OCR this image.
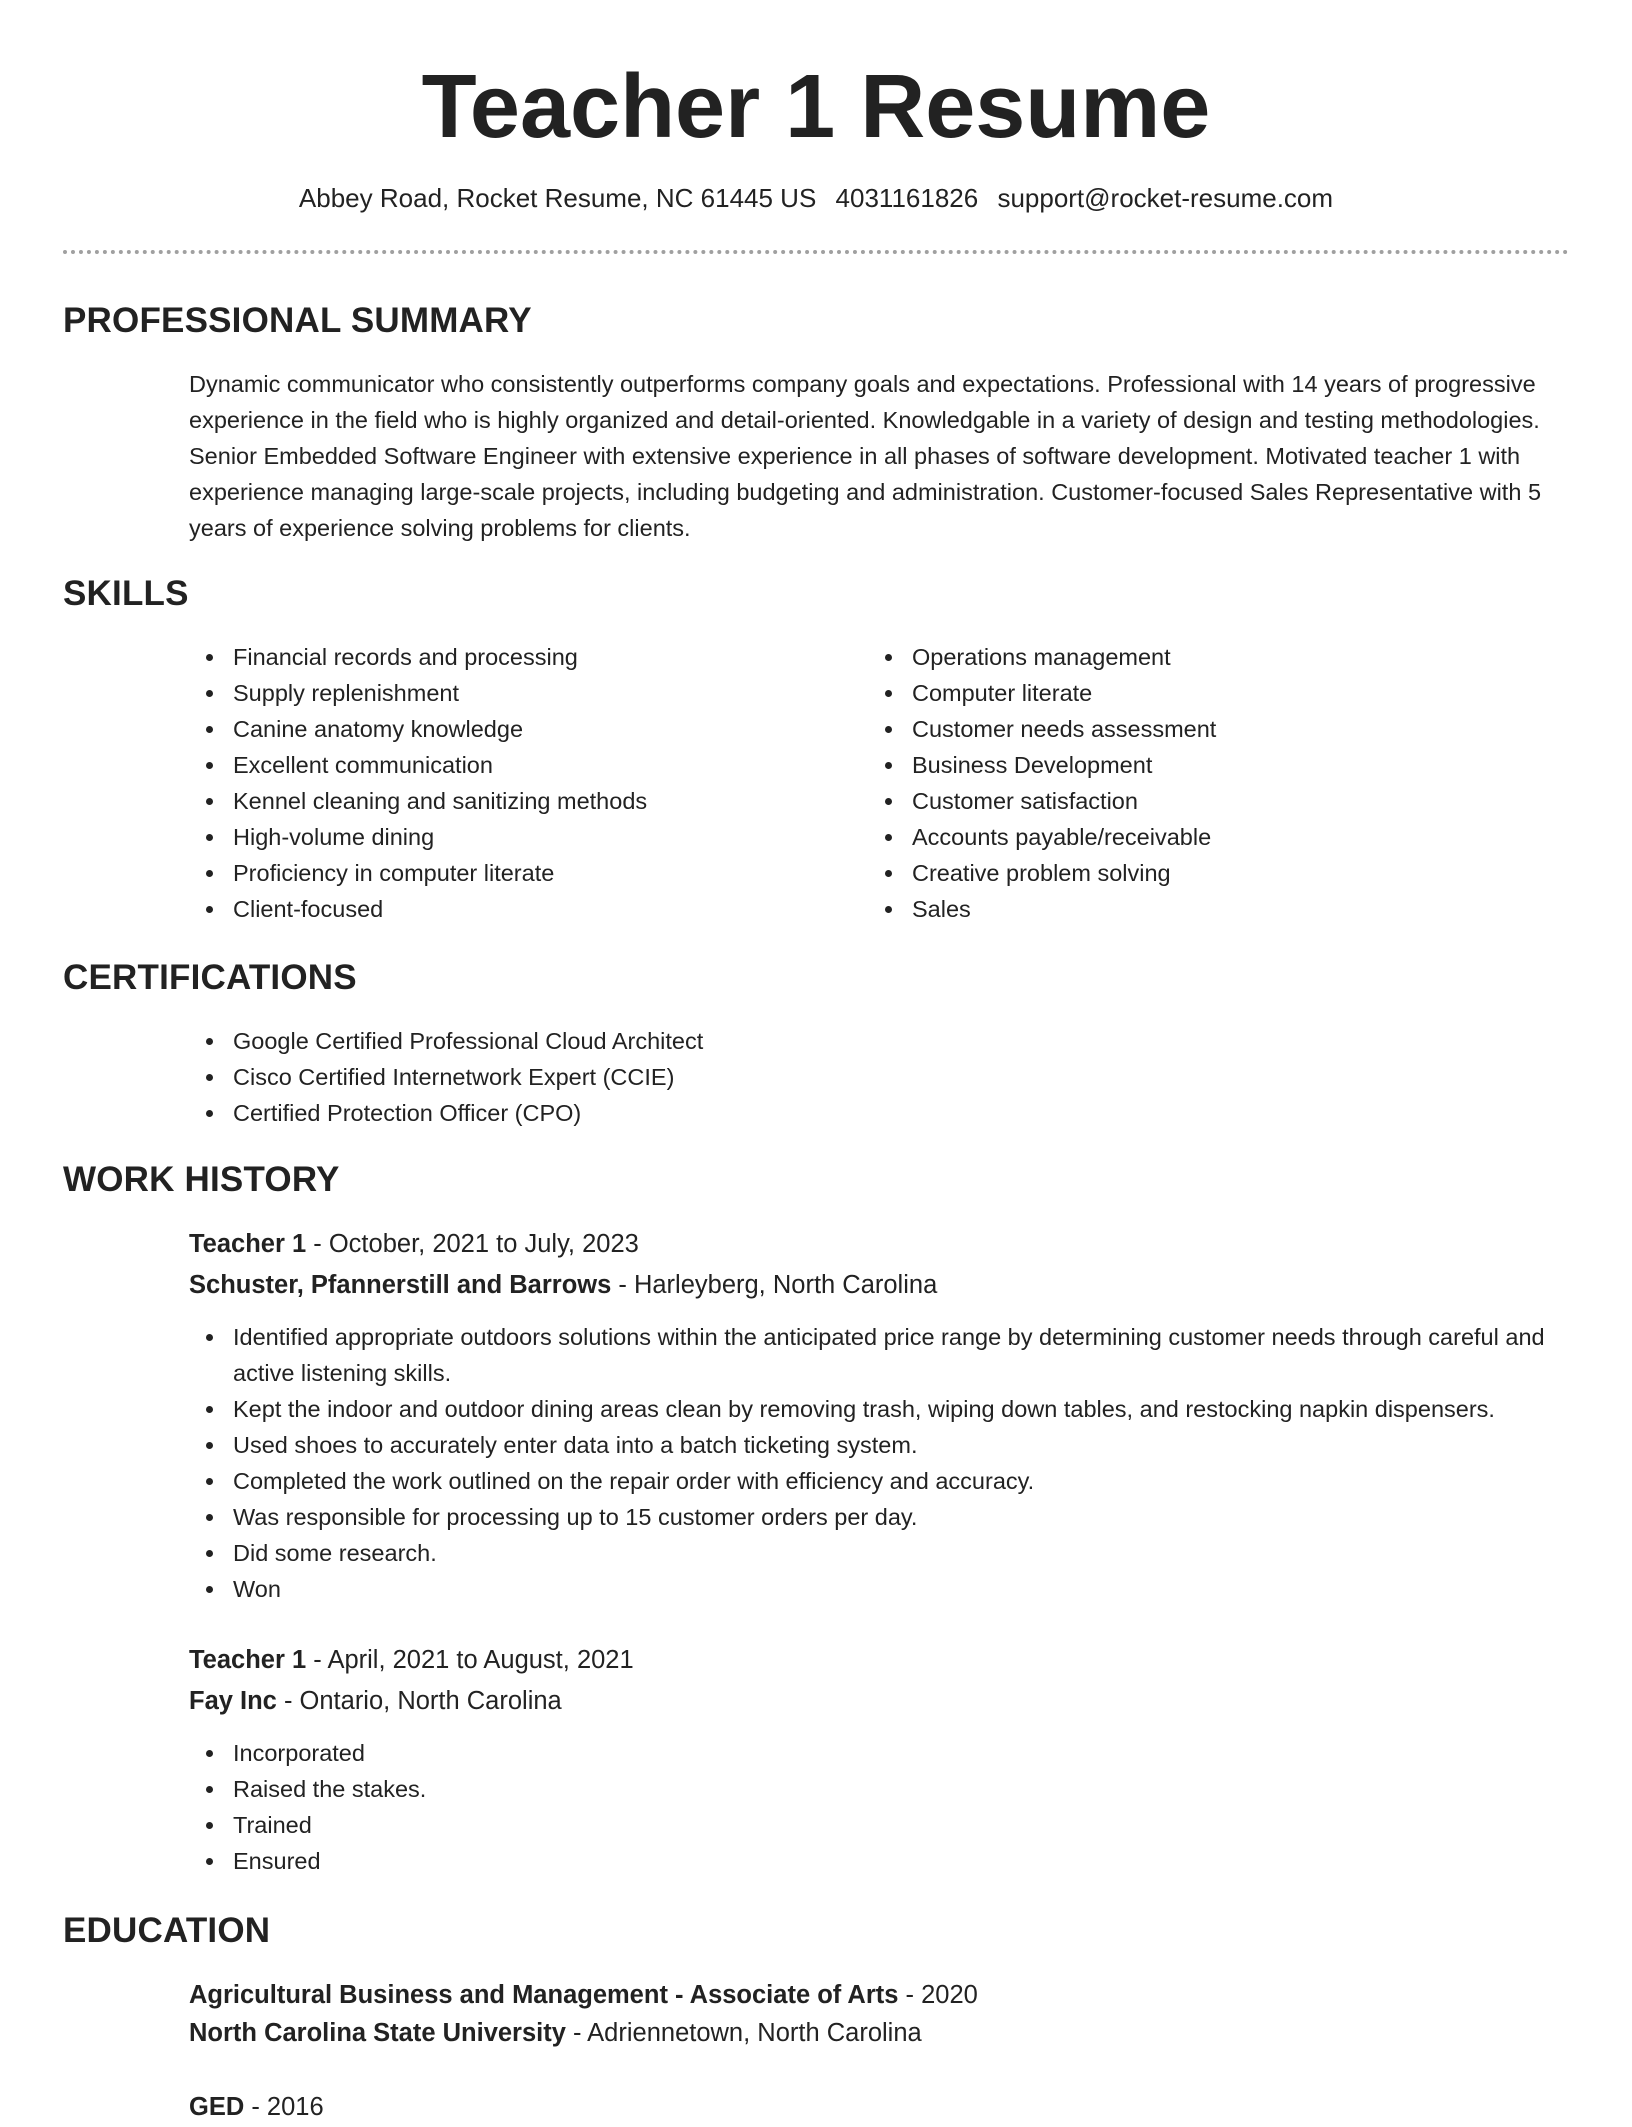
Teacher 1 Resume
Abbey Road, Rocket Resume, NC 61445 US 4031161826 support@rocket-resume.com
PROFESSIONAL SUMMARY

Dynamic communicator who consistently outperforms company goals and expectations. Professional with 14 years of progressive experience in the field who is highly organized and detail-oriented. Knowledgable in a variety of design and testing methodologies. Senior Embedded Software Engineer with extensive experience in all phases of software development. Motivated teacher 1 with experience managing large-scale projects, including budgeting and administration. Customer-focused Sales Representative with 5 years of experience solving problems for clients.

SKILLS
Financial records and processing
Supply replenishment
Canine anatomy knowledge
Excellent communication
Kennel cleaning and sanitizing methods
High-volume dining
Proficiency in computer literate
Client-focused
Operations management
Computer literate
Customer needs assessment
Business Development
Customer satisfaction
Accounts payable/receivable
Creative problem solving
Sales
CERTIFICATIONS
Google Certified Professional Cloud Architect
Cisco Certified Internetwork Expert (CCIE)
Certified Protection Officer (CPO)
WORK HISTORY
Teacher 1 - October, 2021 to July, 2023
Schuster, Pfannerstill and Barrows - Harleyberg, North Carolina
Identified appropriate outdoors solutions within the anticipated price range by determining customer needs through careful and active listening skills.
Kept the indoor and outdoor dining areas clean by removing trash, wiping down tables, and restocking napkin dispensers.
Used shoes to accurately enter data into a batch ticketing system.
Completed the work outlined on the repair order with efficiency and accuracy.
Was responsible for processing up to 15 customer orders per day.
Did some research.
Won
Teacher 1 - April, 2021 to August, 2021
Fay Inc - Ontario, North Carolina
Incorporated
Raised the stakes.
Trained
Ensured
EDUCATION
Agricultural Business and Management - Associate of Arts - 2020
North Carolina State University - Adriennetown, North Carolina
GED - 2016
